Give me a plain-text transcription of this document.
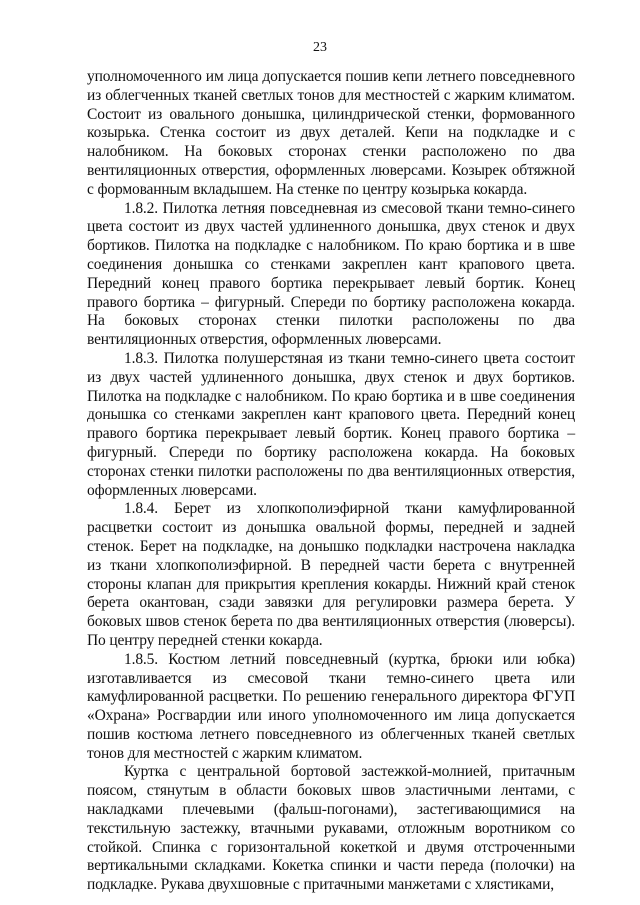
23

уполномоченного им лица допускается пошив кепи летнего повседневного из облегченных тканей светлых тонов для местностей с жарким климатом. Состоит из овального донышка, цилиндрической стенки, формованного козырька. Стенка состоит из двух деталей. Кепи на подкладке и с налобником. На боковых сторонах стенки расположено по два вентиляционных отверстия, оформленных люверсами. Козырек обтяжной с формованным вкладышем. На стенке по центру козырька кокарда.

1.8.2. Пилотка летняя повседневная из смесовой ткани темно-синего цвета состоит из двух частей удлиненного донышка, двух стенок и двух бортиков. Пилотка на подкладке с налобником. По краю бортика и в шве соединения донышка со стенками закреплен кант крапового цвета. Передний конец правого бортика перекрывает левый бортик. Конец правого бортика – фигурный. Спереди по бортику расположена кокарда. На боковых сторонах стенки пилотки расположены по два вентиляционных отверстия, оформленных люверсами.

1.8.3. Пилотка полушерстяная из ткани темно-синего цвета состоит из двух частей удлиненного донышка, двух стенок и двух бортиков. Пилотка на подкладке с налобником. По краю бортика и в шве соединения донышка со стенками закреплен кант крапового цвета. Передний конец правого бортика перекрывает левый бортик. Конец правого бортика – фигурный. Спереди по бортику расположена кокарда. На боковых сторонах стенки пилотки расположены по два вентиляционных отверстия, оформленных люверсами.

1.8.4. Берет из хлопкополиэфирной ткани камуфлированной расцветки состоит из донышка овальной формы, передней и задней стенок. Берет на подкладке, на донышко подкладки настрочена накладка из ткани хлопкополиэфирной. В передней части берета с внутренней стороны клапан для прикрытия крепления кокарды. Нижний край стенок берета окантован, сзади завязки для регулировки размера берета. У боковых швов стенок берета по два вентиляционных отверстия (люверсы). По центру передней стенки кокарда.

1.8.5. Костюм летний повседневный (куртка, брюки или юбка) изготавливается из смесовой ткани темно-синего цвета или камуфлированной расцветки. По решению генерального директора ФГУП «Охрана» Росгвардии или иного уполномоченного им лица допускается пошив костюма летнего повседневного из облегченных тканей светлых тонов для местностей с жарким климатом.

Куртка с центральной бортовой застежкой-молнией, притачным поясом, стянутым в области боковых швов эластичными лентами, с накладками плечевыми (фальш-погонами), застегивающимися на текстильную застежку, втачными рукавами, отложным воротником со стойкой. Спинка с горизонтальной кокеткой и двумя отстроченными вертикальными складками. Кокетка спинки и части переда (полочки) на подкладке. Рукава двухшовные с притачными манжетами с хлястиками,
